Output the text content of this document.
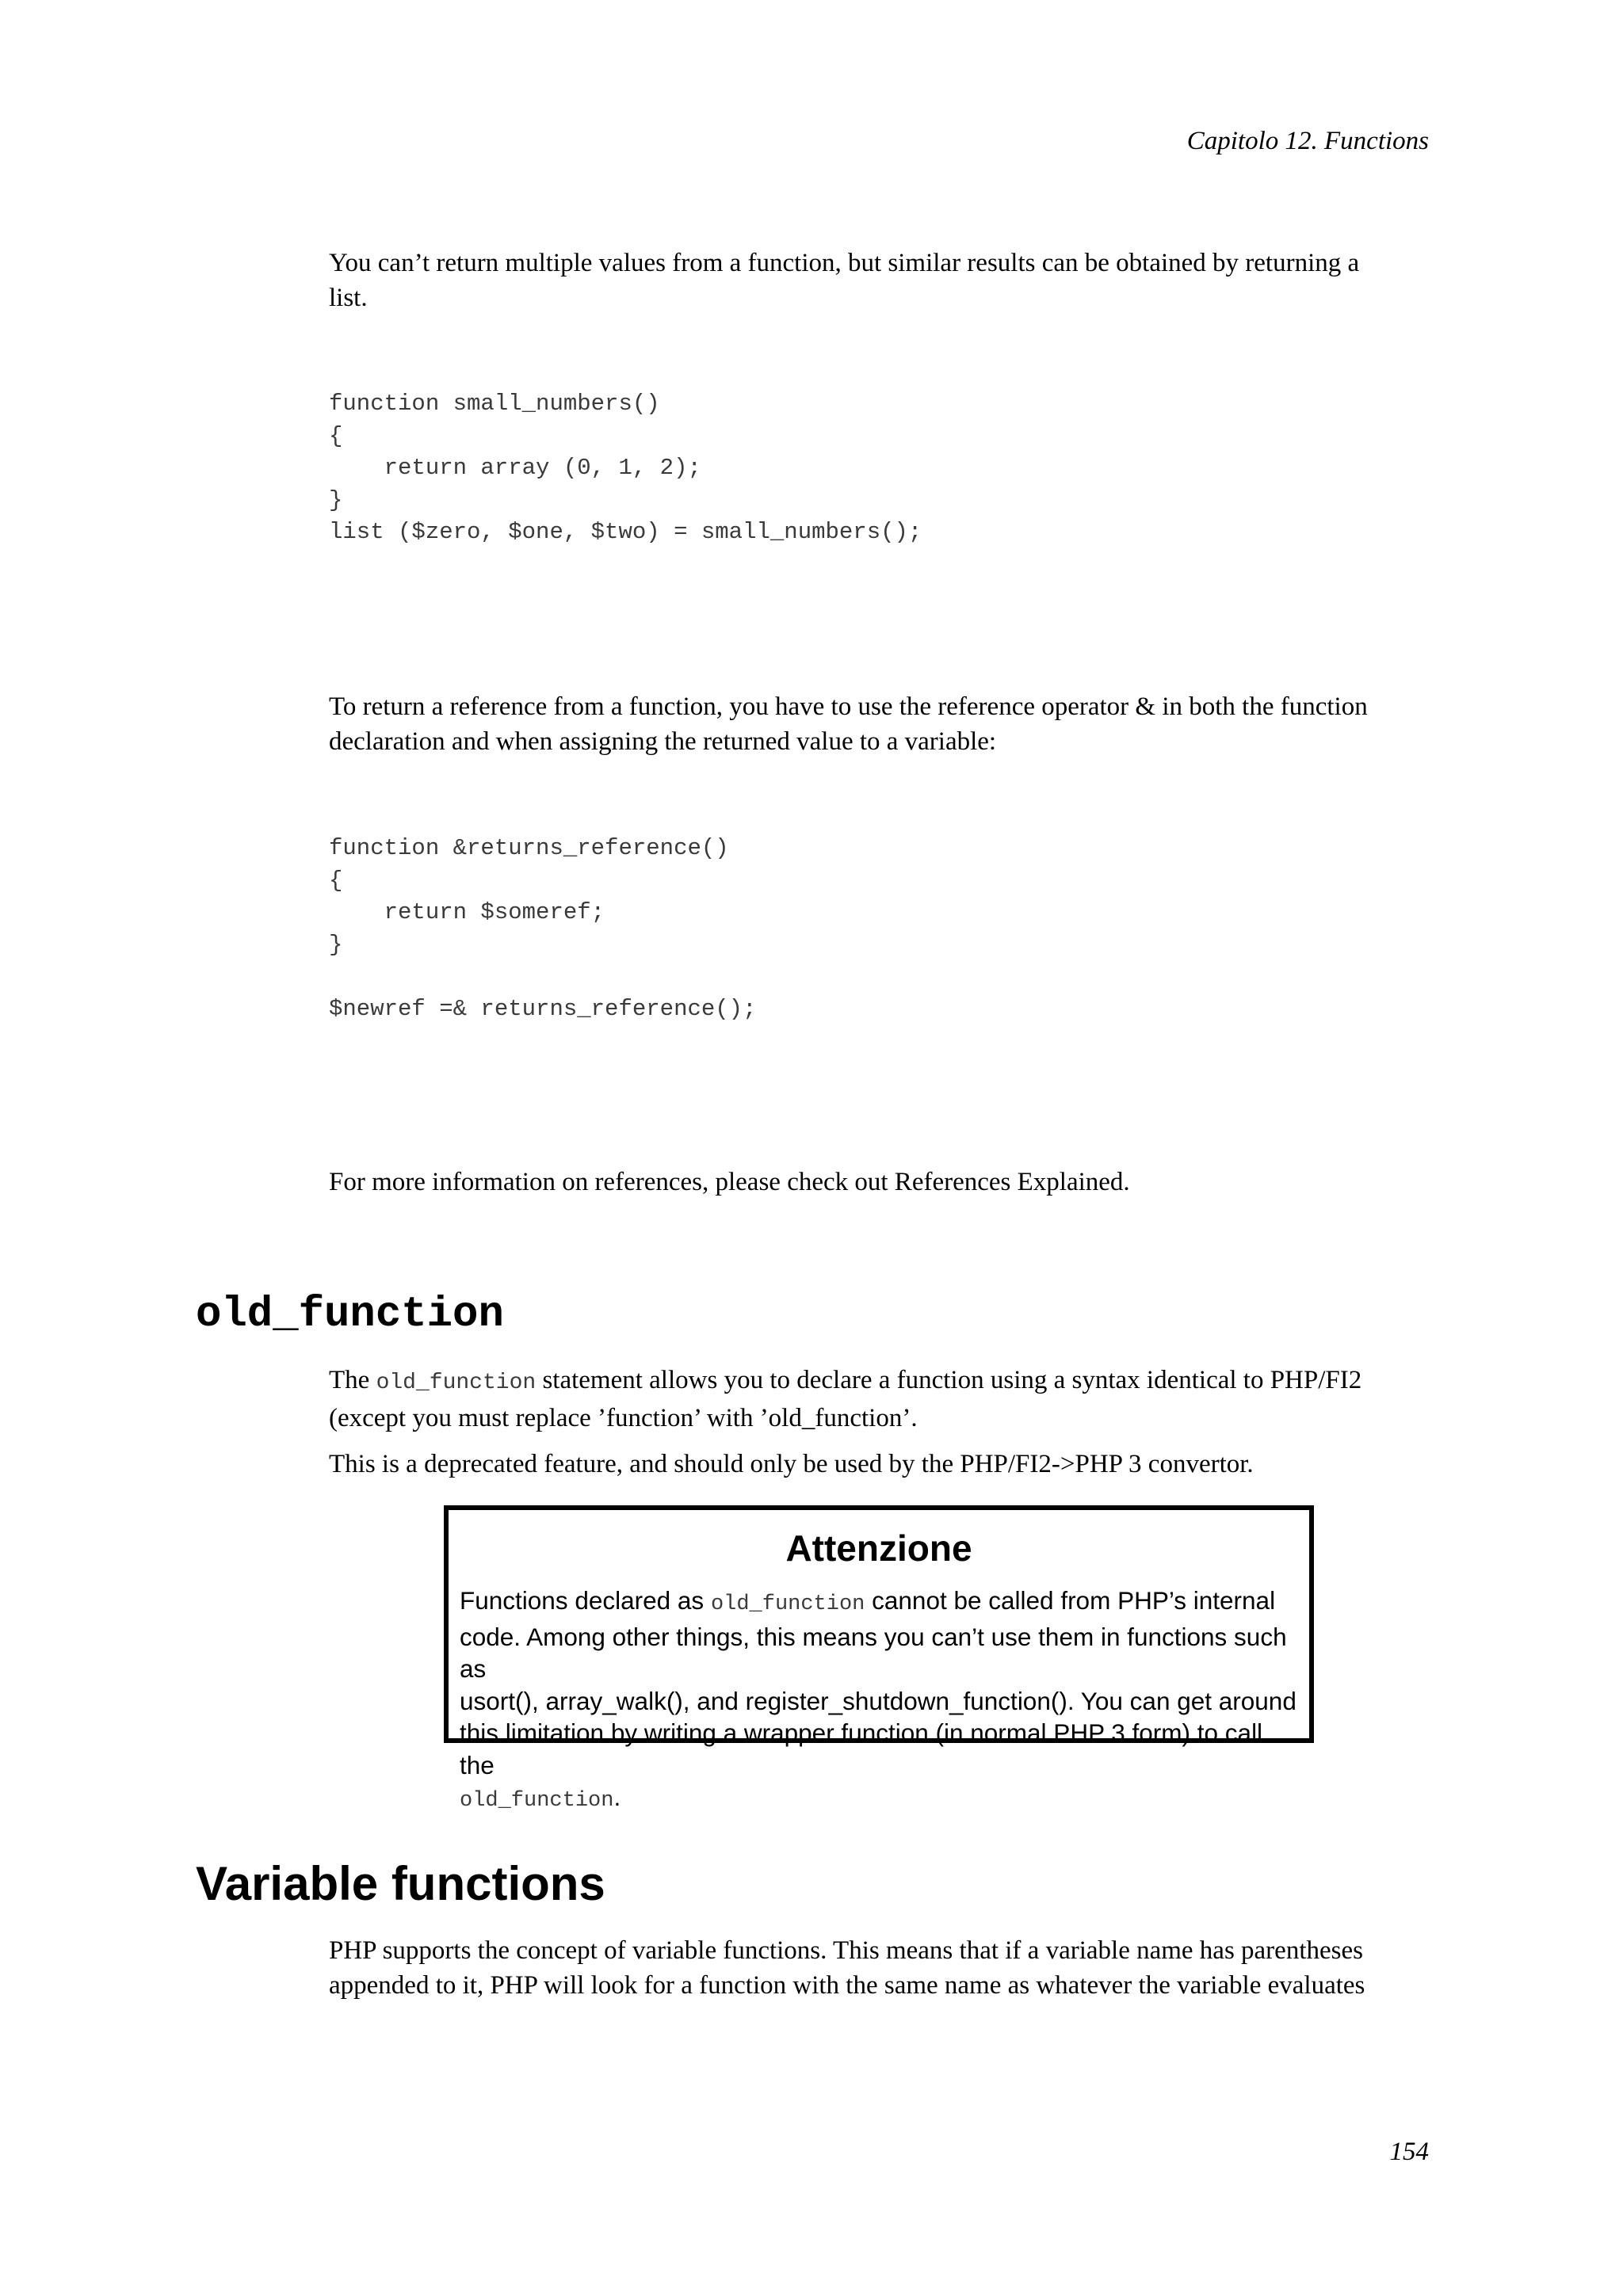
Capitolo 12. Functions

You can’t return multiple values from a function, but similar results can be obtained by returning a
list.

function small_numbers()
{
return array (0, 1, 2);
}
list ($zero, $one, $two) = small_numbers();

To return a reference from a function, you have to use the reference operator & in both the function
declaration and when assigning the returned value to a variable:

function &returns_reference()
{
return $someref;
}

$newref =& returns_reference();

For more information on references, please check out References Explained.

old_function

The old_function statement allows you to declare a function using a syntax identical to PHP/FI2
(except you must replace ’function’ with ’old_function’.

This is a deprecated feature, and should only be used by the PHP/FI2->PHP 3 convertor.

Attenzione

Functions declared as old_function cannot be called from PHP’s internal
code. Among other things, this means you can’t use them in functions such as
usort(), array_walk(), and register_shutdown_function(). You can get around
this limitation by writing a wrapper function (in normal PHP 3 form) to call the
old_function.

Variable functions

PHP supports the concept of variable functions. This means that if a variable name has parentheses
appended to it, PHP will look for a function with the same name as whatever the variable evaluates

154
